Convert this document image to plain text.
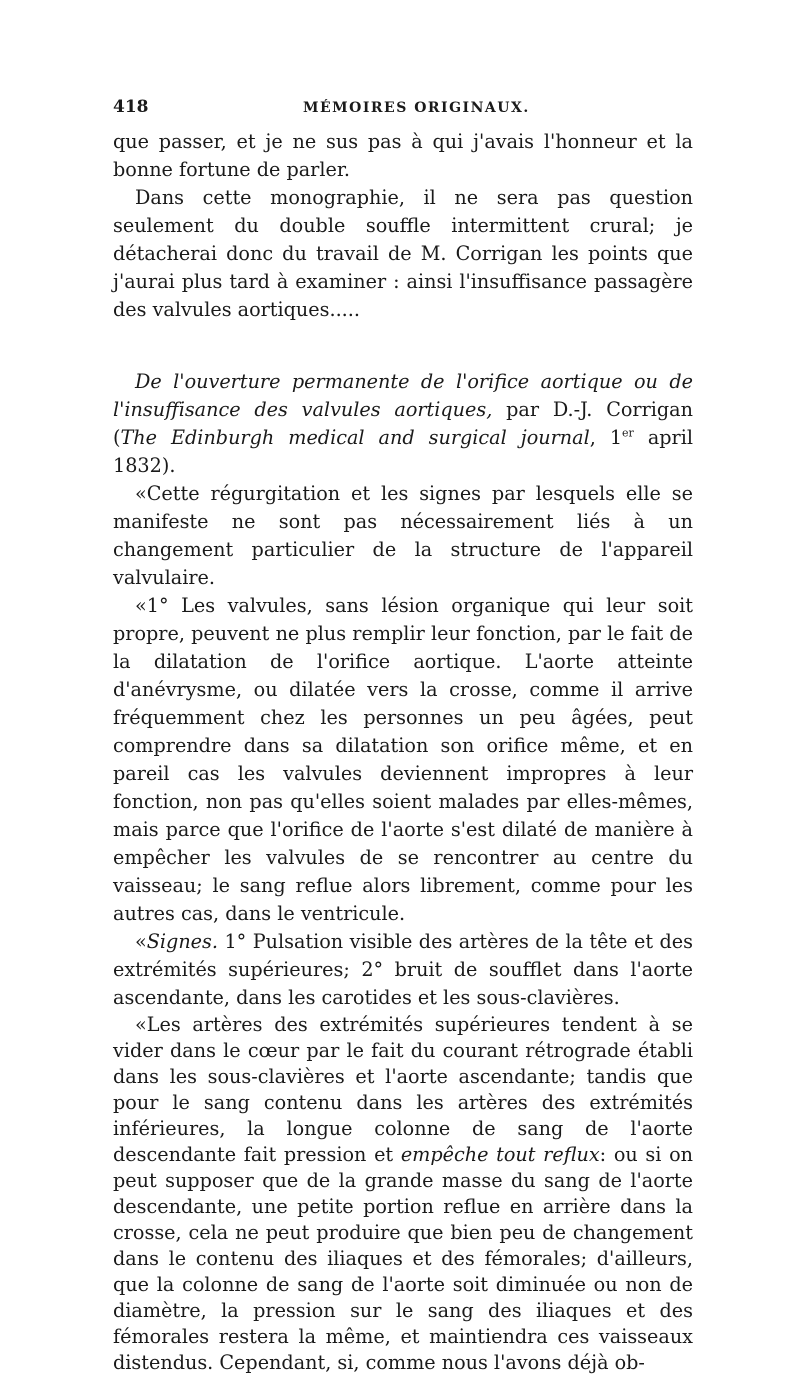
418	MÉMOIRES ORIGINAUX.

que passer, et je ne sus pas à qui j'avais l'honneur et la bonne fortune de parler.

Dans cette monographie, il ne sera pas question seulement du double souffle intermittent crural; je détacherai donc du travail de M. Corrigan les points que j'aurai plus tard à examiner : ainsi l'insuffisance passagère des valvules aortiques.....

De l'ouverture permanente de l'orifice aortique ou de l'insuffisance des valvules aortiques, par D.-J. Corrigan (The Edinburgh medical and surgical journal, 1er april 1832).

«Cette régurgitation et les signes par lesquels elle se manifeste ne sont pas nécessairement liés à un changement particulier de la structure de l'appareil valvulaire.

«1° Les valvules, sans lésion organique qui leur soit propre, peuvent ne plus remplir leur fonction, par le fait de la dilatation de l'orifice aortique. L'aorte atteinte d'anévrysme, ou dilatée vers la crosse, comme il arrive fréquemment chez les personnes un peu âgées, peut comprendre dans sa dilatation son orifice même, et en pareil cas les valvules deviennent impropres à leur fonction, non pas qu'elles soient malades par elles-mêmes, mais parce que l'orifice de l'aorte s'est dilaté de manière à empêcher les valvules de se rencontrer au centre du vaisseau; le sang reflue alors librement, comme pour les autres cas, dans le ventricule.

«Signes. 1° Pulsation visible des artères de la tête et des extrémités supérieures; 2° bruit de soufflet dans l'aorte ascendante, dans les carotides et les sous-clavières.

«Les artères des extrémités supérieures tendent à se vider dans le cœur par le fait du courant rétrograde établi dans les sous-clavières et l'aorte ascendante; tandis que pour le sang contenu dans les artères des extrémités inférieures, la longue colonne de sang de l'aorte descendante fait pression et empêche tout reflux: ou si on peut supposer que de la grande masse du sang de l'aorte descendante, une petite portion reflue en arrière dans la crosse, cela ne peut produire que bien peu de changement dans le contenu des iliaques et des fémorales; d'ailleurs, que la colonne de sang de l'aorte soit diminuée ou non de diamètre, la pression sur le sang des iliaques et des fémorales restera la même, et maintiendra ces vaisseaux distendus. Cependant, si, comme nous l'avons déjà ob-
